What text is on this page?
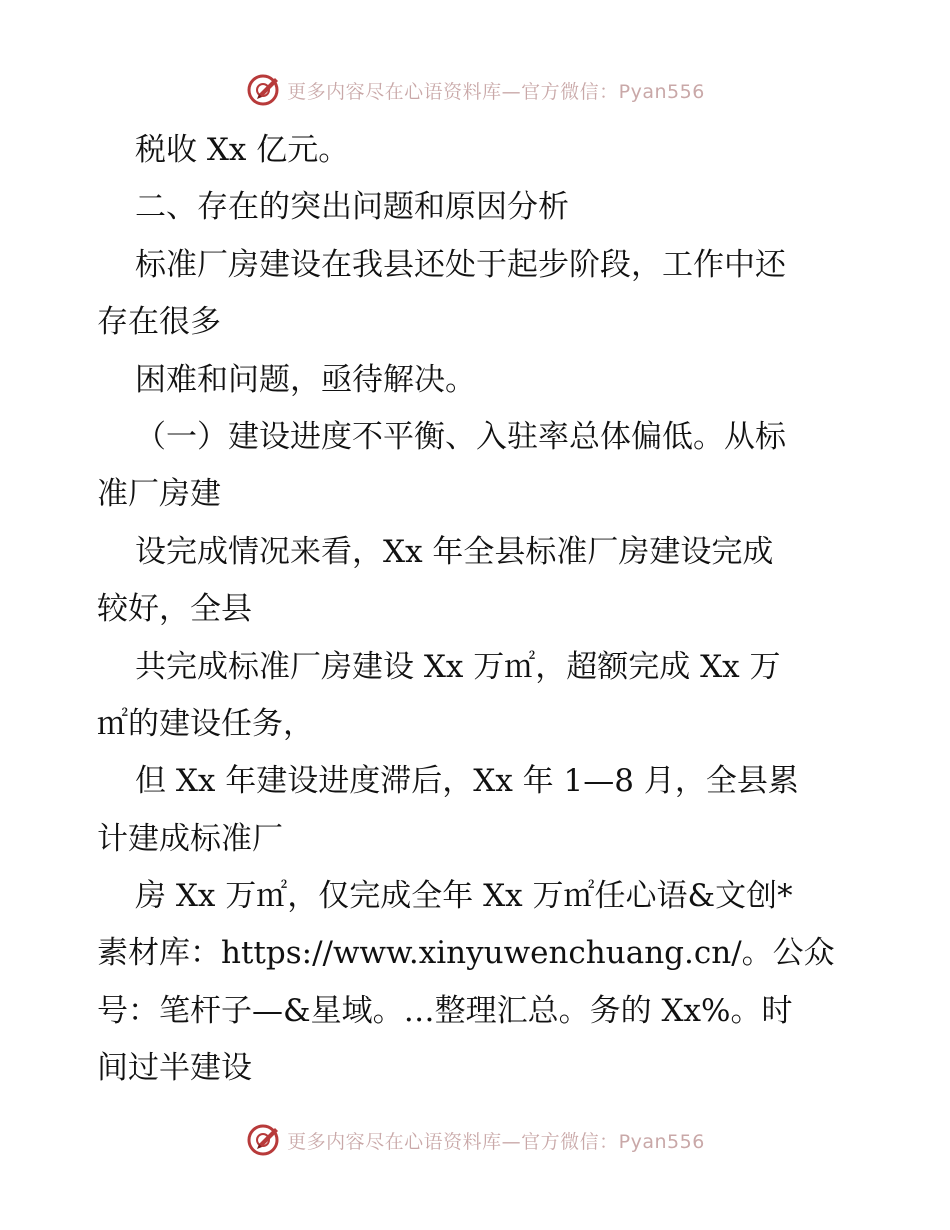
更多内容尽在心语资料库—官方微信：Pyan556
税收 Xx 亿元。
二、存在的突出问题和原因分析
标准厂房建设在我县还处于起步阶段，工作中还
存在很多
困难和问题，亟待解决。
（一）建设进度不平衡、入驻率总体偏低。从标
准厂房建
设完成情况来看，Xx 年全县标准厂房建设完成
较好，全县
共完成标准厂房建设 Xx 万㎡，超额完成 Xx 万
㎡的建设任务，
但 Xx 年建设进度滞后，Xx 年 1—8 月，全县累
计建成标准厂
房 Xx 万㎡，仅完成全年 Xx 万㎡任心语&文创*
素材库：https://www.xinyuwenchuang.cn/。公众
号：笔杆子—&星域。…整理汇总。务的 Xx%。时
间过半建设
更多内容尽在心语资料库—官方微信：Pyan556
